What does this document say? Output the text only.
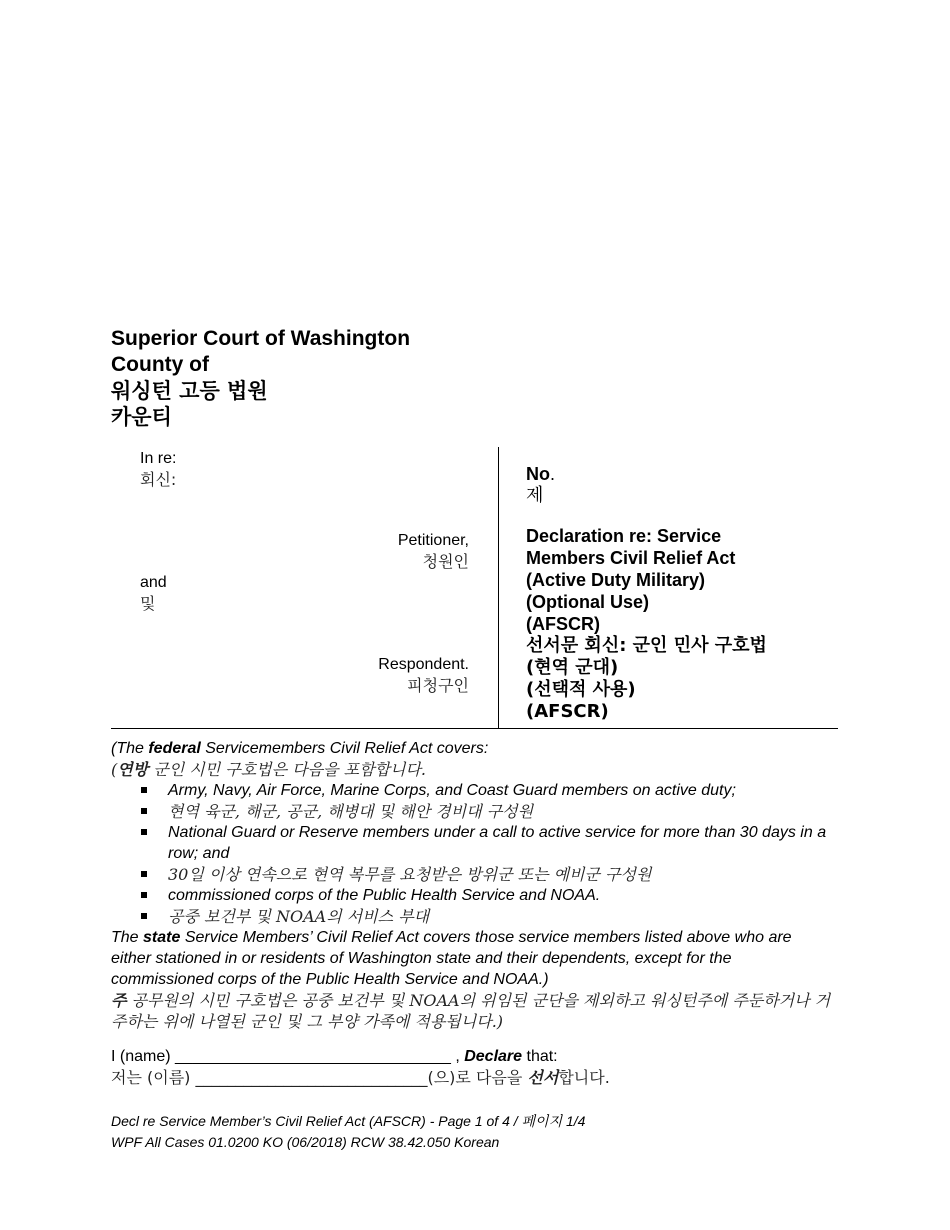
Superior Court of Washington
County of
워싱턴 고등 법원
카운티
In re:
회신:
Petitioner,
청원인
and
및
Respondent.
피청구인
No.
제
Declaration re: Service
Members Civil Relief Act
(Active Duty Military)
(Optional Use)
(AFSCR)
선서문 회신: 군인 민사 구호법
(현역 군대)
(선택적 사용)
(AFSCR)

(The federal Servicemembers Civil Relief Act covers:

(연방 군인 시민 구호법은 다음을 포함합니다.

Army, Navy, Air Force, Marine Corps, and Coast Guard members on active duty;
현역 육군, 해군, 공군, 해병대 및 해안 경비대 구성원
National Guard or Reserve members under a call to active service for more than 30 days in a row; and
30일 이상 연속으로 현역 복무를 요청받은 방위군 또는 예비군 구성원
commissioned corps of the Public Health Service and NOAA.
공중 보건부 및 NOAA의 서비스 부대

The state Service Members’ Civil Relief Act covers those service members listed above who are either stationed in or residents of Washington state and their dependents, except for the commissioned corps of the Public Health Service and NOAA.)

주 공무원의 시민 구호법은 공중 보건부 및 NOAA의 위임된 군단을 제외하고 워싱턴주에 주둔하거나 거주하는 위에 나열된 군인 및 그 부양 가족에 적용됩니다.)

I (name) _______________________________ , Declare that:
저는 (이름) _____________________________(으)로 다음을 선서합니다.
Decl re Service Member’s Civil Relief Act (AFSCR) - Page 1 of 4 / 페이지 1/4
WPF All Cases 01.0200 KO (06/2018) RCW 38.42.050 Korean
